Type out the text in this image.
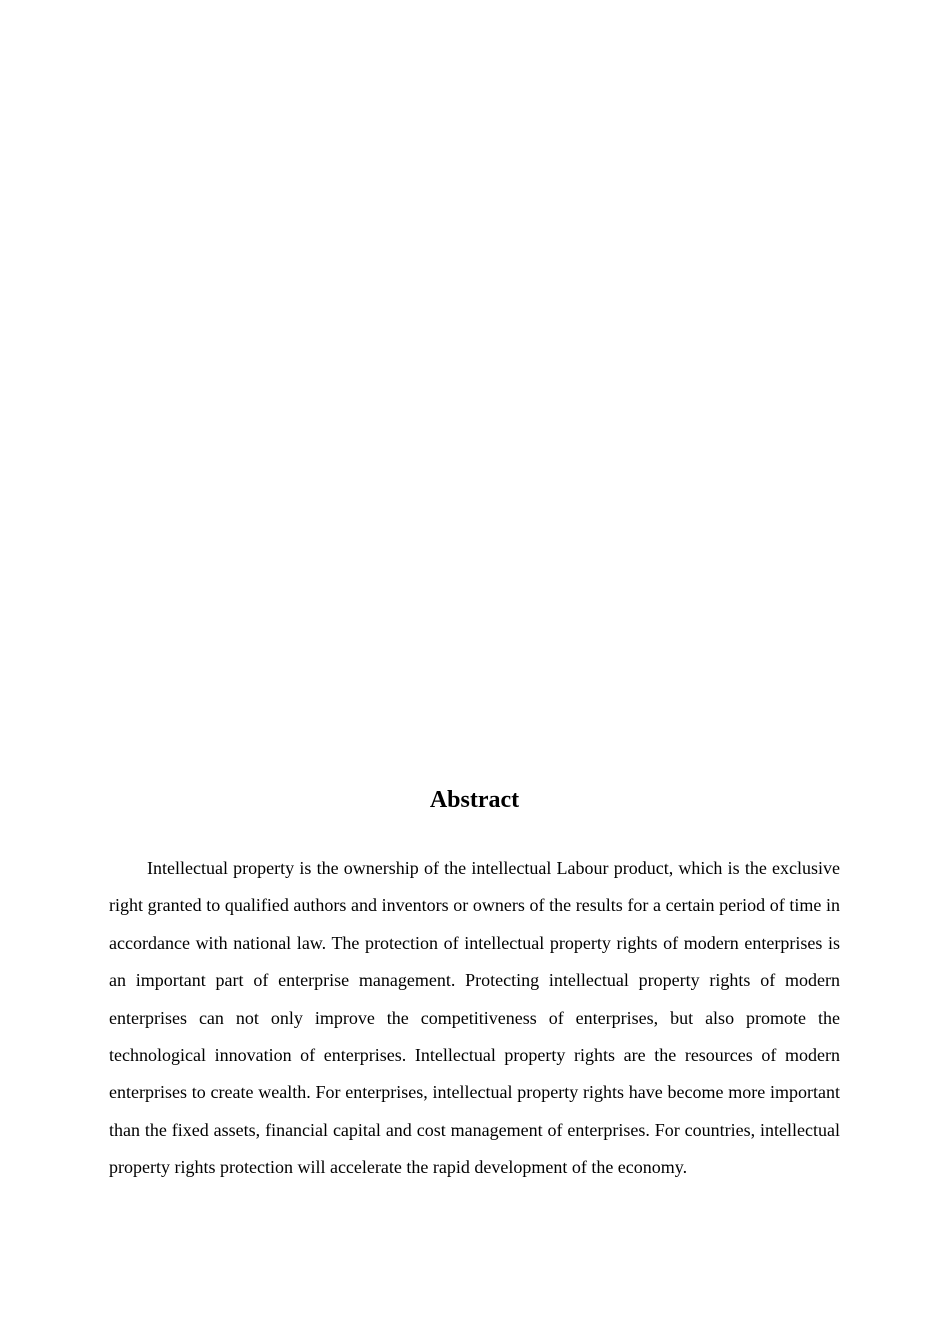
Abstract

Intellectual property is the ownership of the intellectual Labour product, which is the exclusive right granted to qualified authors and inventors or owners of the results for a certain period of time in accordance with national law. The protection of intellectual property rights of modern enterprises is an important part of enterprise management. Protecting intellectual property rights of modern enterprises can not only improve the competitiveness of enterprises, but also promote the technological innovation of enterprises. Intellectual property rights are the resources of modern enterprises to create wealth. For enterprises, intellectual property rights have become more important than the fixed assets, financial capital and cost management of enterprises. For countries, intellectual property rights protection will accelerate the rapid development of the economy.
